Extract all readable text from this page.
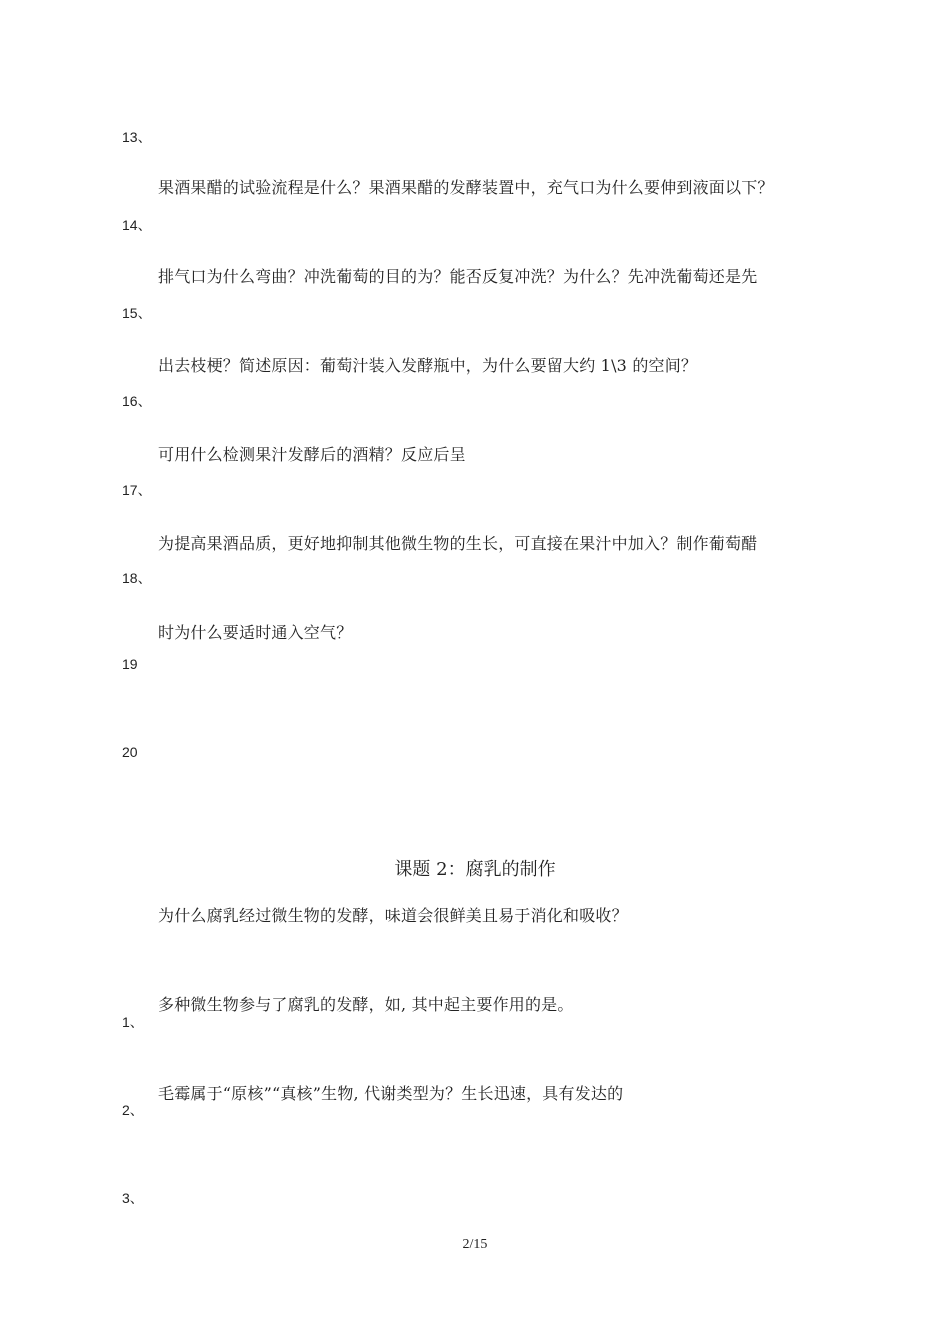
13、
果酒果醋的试验流程是什么？果酒果醋的发酵装置中，充气口为什么要伸到液面以下？
14、
排气口为什么弯曲？冲洗葡萄的目的为？能否反复冲洗？为什么？先冲洗葡萄还是先
15、
出去枝梗？简述原因：葡萄汁装入发酵瓶中，为什么要留大约 1\3 的空间？
16、
可用什么检测果汁发酵后的酒精？反应后呈
17、
为提高果酒品质，更好地抑制其他微生物的生长，可直接在果汁中加入？制作葡萄醋
18、
时为什么要适时通入空气？
19
20
课题 2：腐乳的制作
为什么腐乳经过微生物的发酵，味道会很鲜美且易于消化和吸收？
多种微生物参与了腐乳的发酵，如, 其中起主要作用的是。
1、
毛霉属于“原核”“真核”生物, 代谢类型为？生长迅速，具有发达的
2、
3、
2/15
